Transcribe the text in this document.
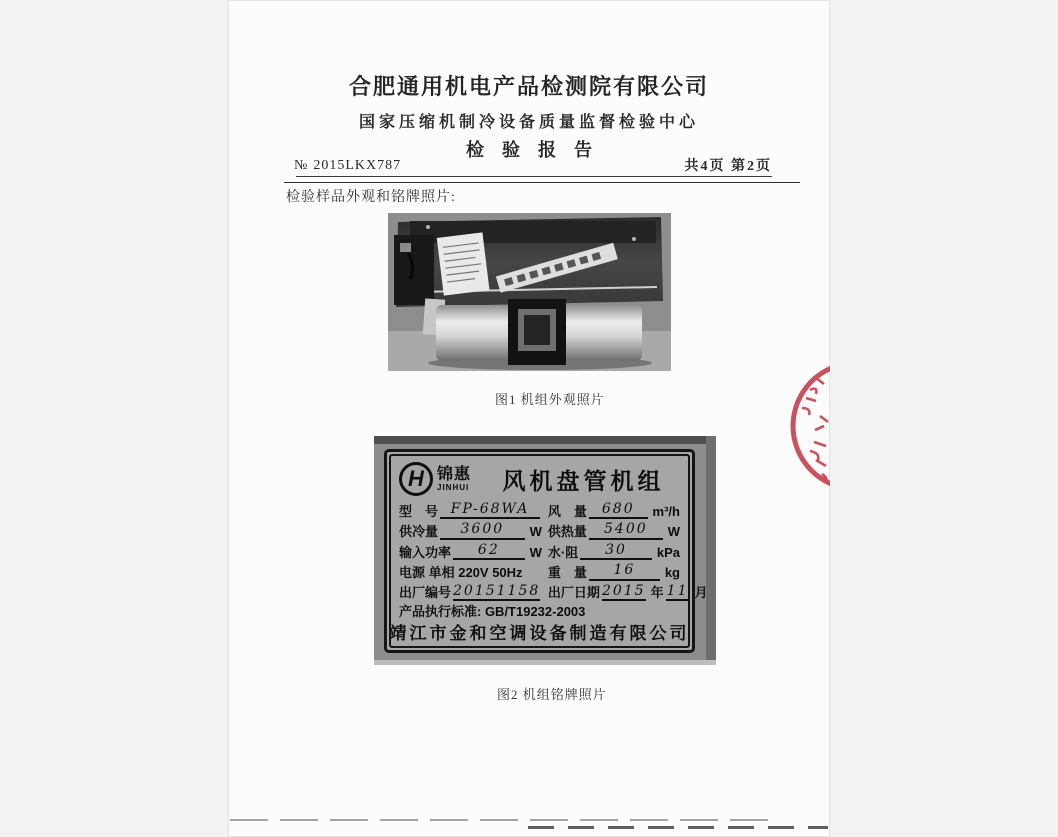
合肥通用机电产品检测院有限公司
国家压缩机制冷设备质量监督检验中心
检验报告
№ 2015LKX787	共4页 第2页
检验样品外观和铭牌照片:
图1 机组外观照片
H 锦惠
JINHUI	风机盘管机组
型　号 FP-68WA	风　量	680	m³/h
供冷量	3600	W 供热量	5400	W
输入功率	62	W 水·阻	30	kPa
电源 单相 220V 50Hz 重　量	16	kg
出厂编号 20151158 出厂日期 2015 年 11 月
产品执行标准: GB/T19232-2003
靖江市金和空调设备制造有限公司
图2 机组铭牌照片
